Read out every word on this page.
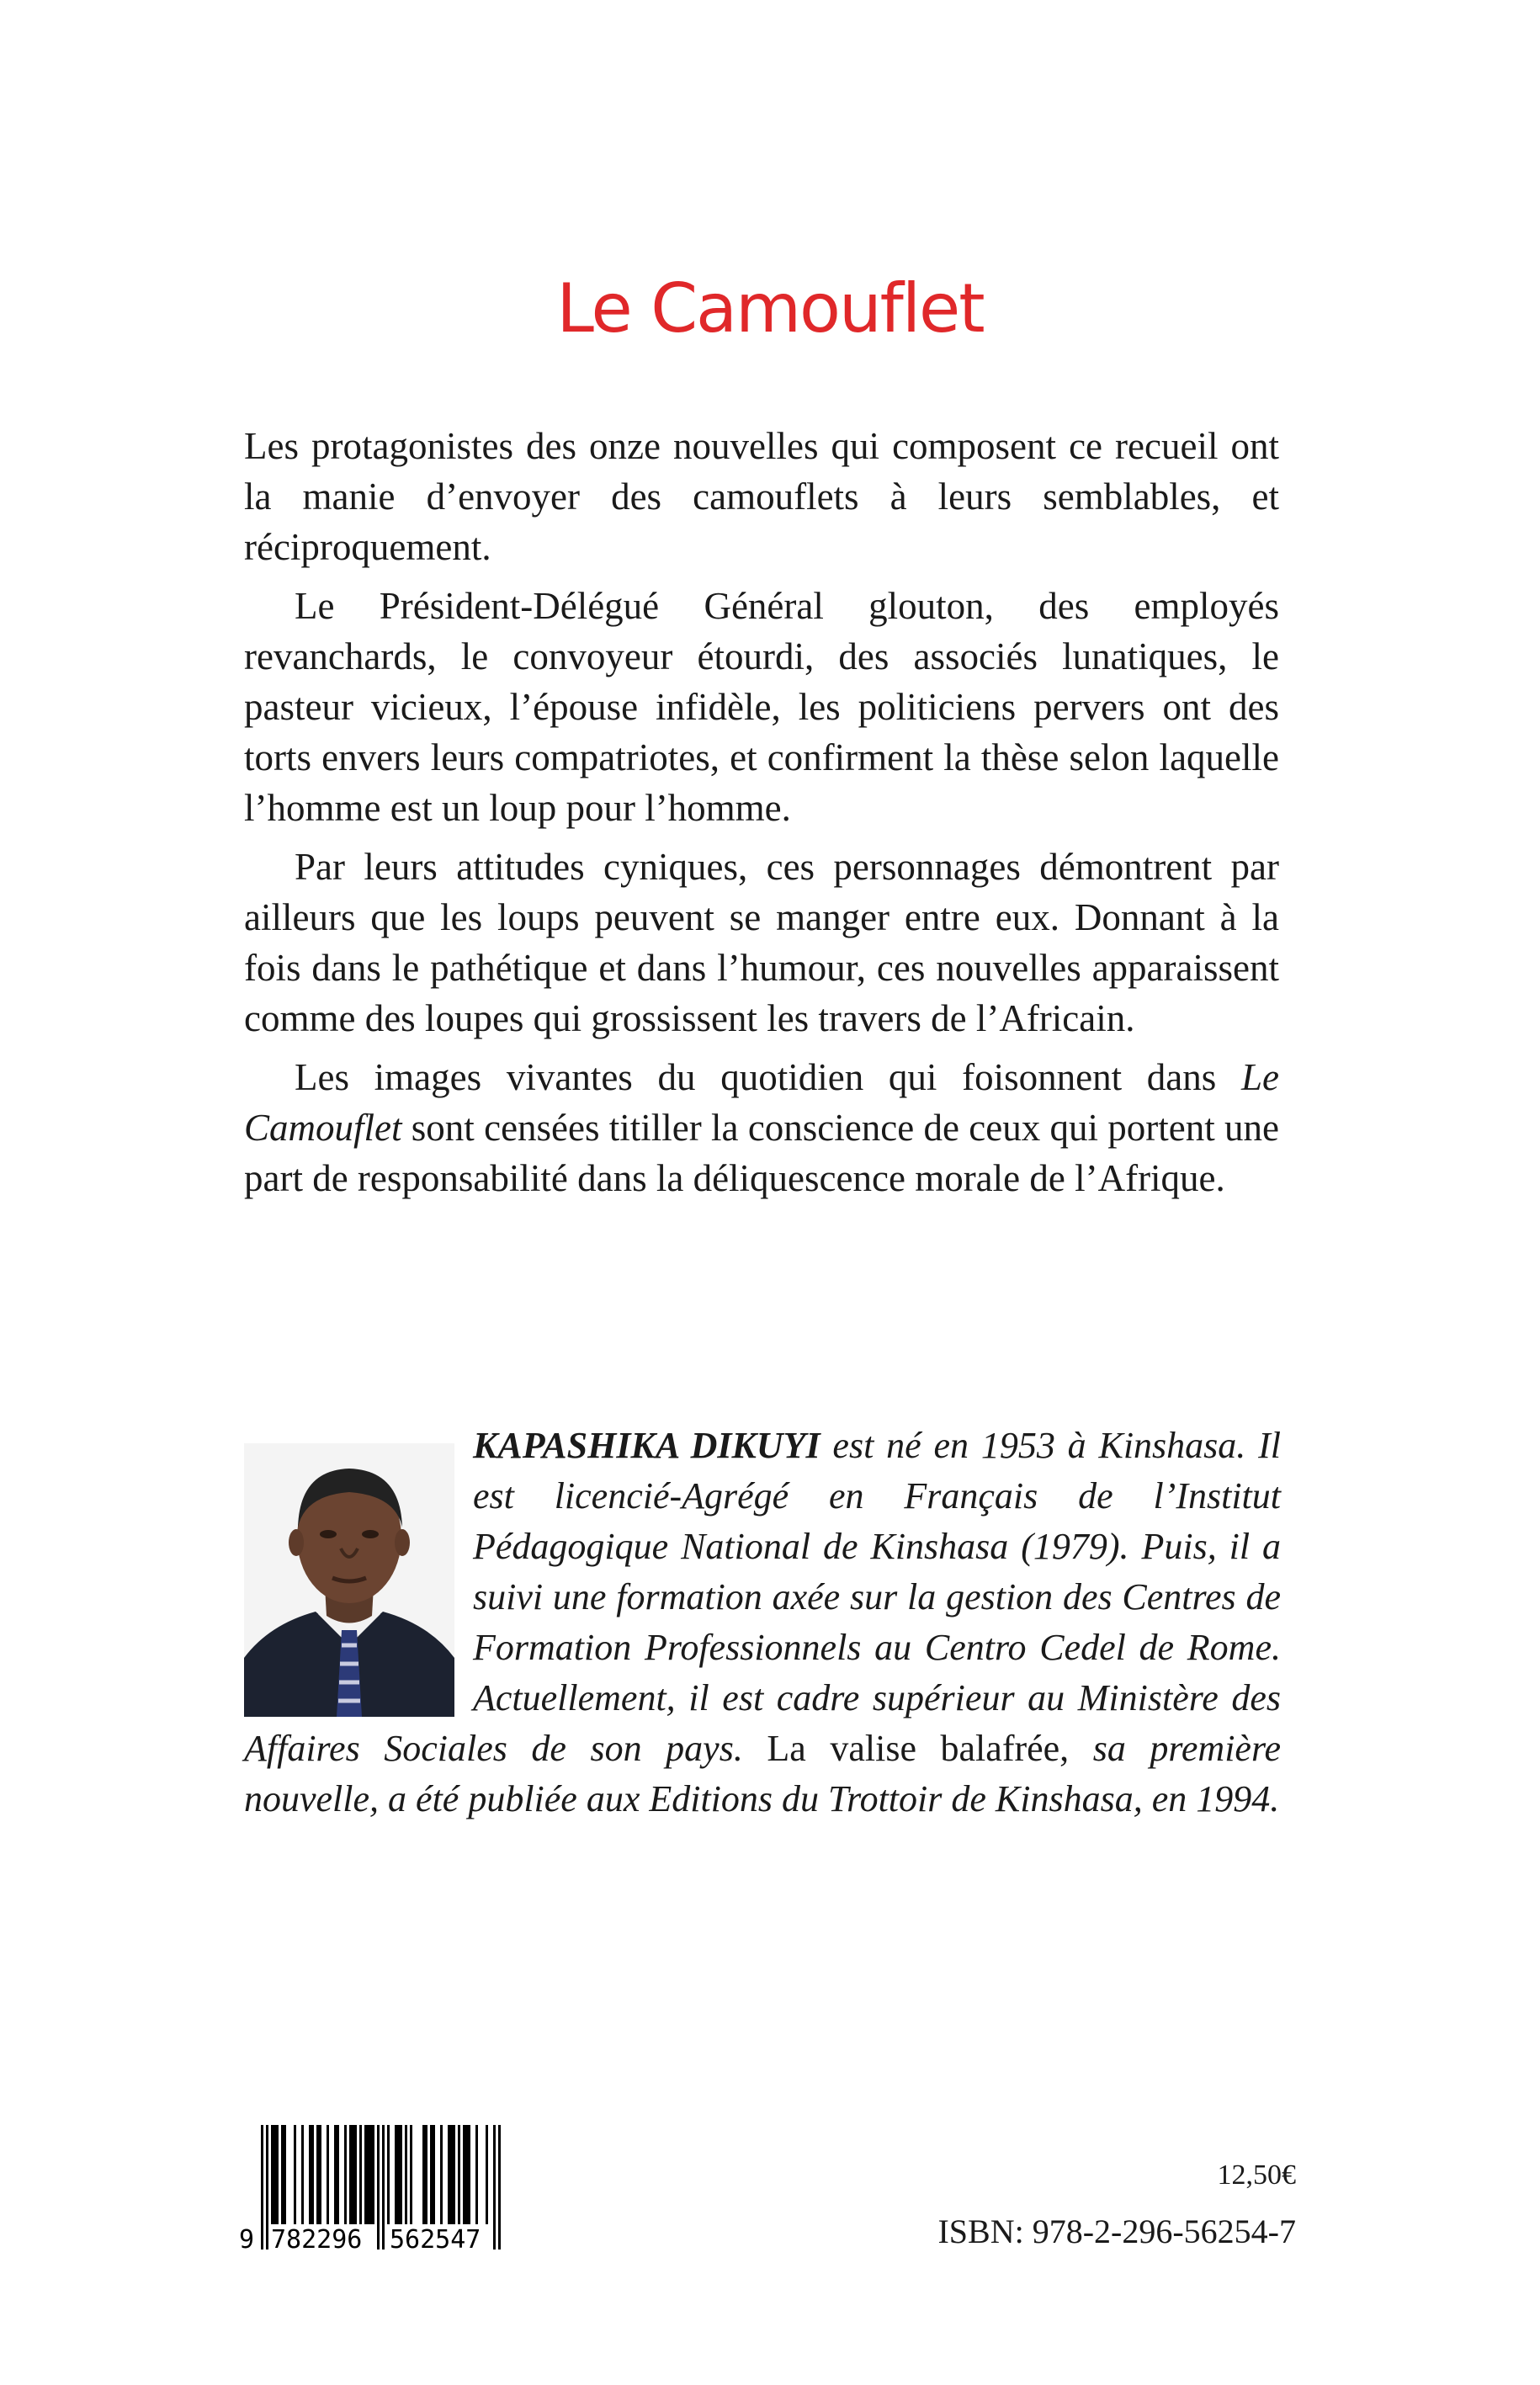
Le Camouflet

Les protagonistes des onze nouvelles qui composent ce recueil ont la manie d’envoyer des camouflets à leurs semblables, et réciproquement.

Le Président-Délégué Général glouton, des employés revanchards, le convoyeur étourdi, des associés lunatiques, le pasteur vicieux, l’épouse infidèle, les politiciens pervers ont des torts envers leurs compatriotes, et confirment la thèse selon laquelle l’homme est un loup pour l’homme.

Par leurs attitudes cyniques, ces personnages démontrent par ailleurs que les loups peuvent se manger entre eux. Donnant à la fois dans le pathétique et dans l’humour, ces nouvelles apparaissent comme des loupes qui grossissent les travers de l’Africain.

Les images vivantes du quotidien qui foisonnent dans Le Camouflet sont censées titiller la conscience de ceux qui portent une part de responsabilité dans la déliquescence morale de l’Afrique.

KAPASHIKA DIKUYI est né en 1953 à Kinshasa. Il est licencié-Agrégé en Français de l’Institut Pédagogique National de Kinshasa (1979). Puis, il a suivi une formation axée sur la gestion des Centres de Formation Professionnels au Centro Cedel de Rome. Actuellement, il est cadre supérieur au Ministère des Affaires Sociales de son pays. La valise balafrée, sa première nouvelle, a été publiée aux Editions du Trottoir de Kinshasa, en 1994.
9 782296 562547
12,50€
ISBN: 978-2-296-56254-7
